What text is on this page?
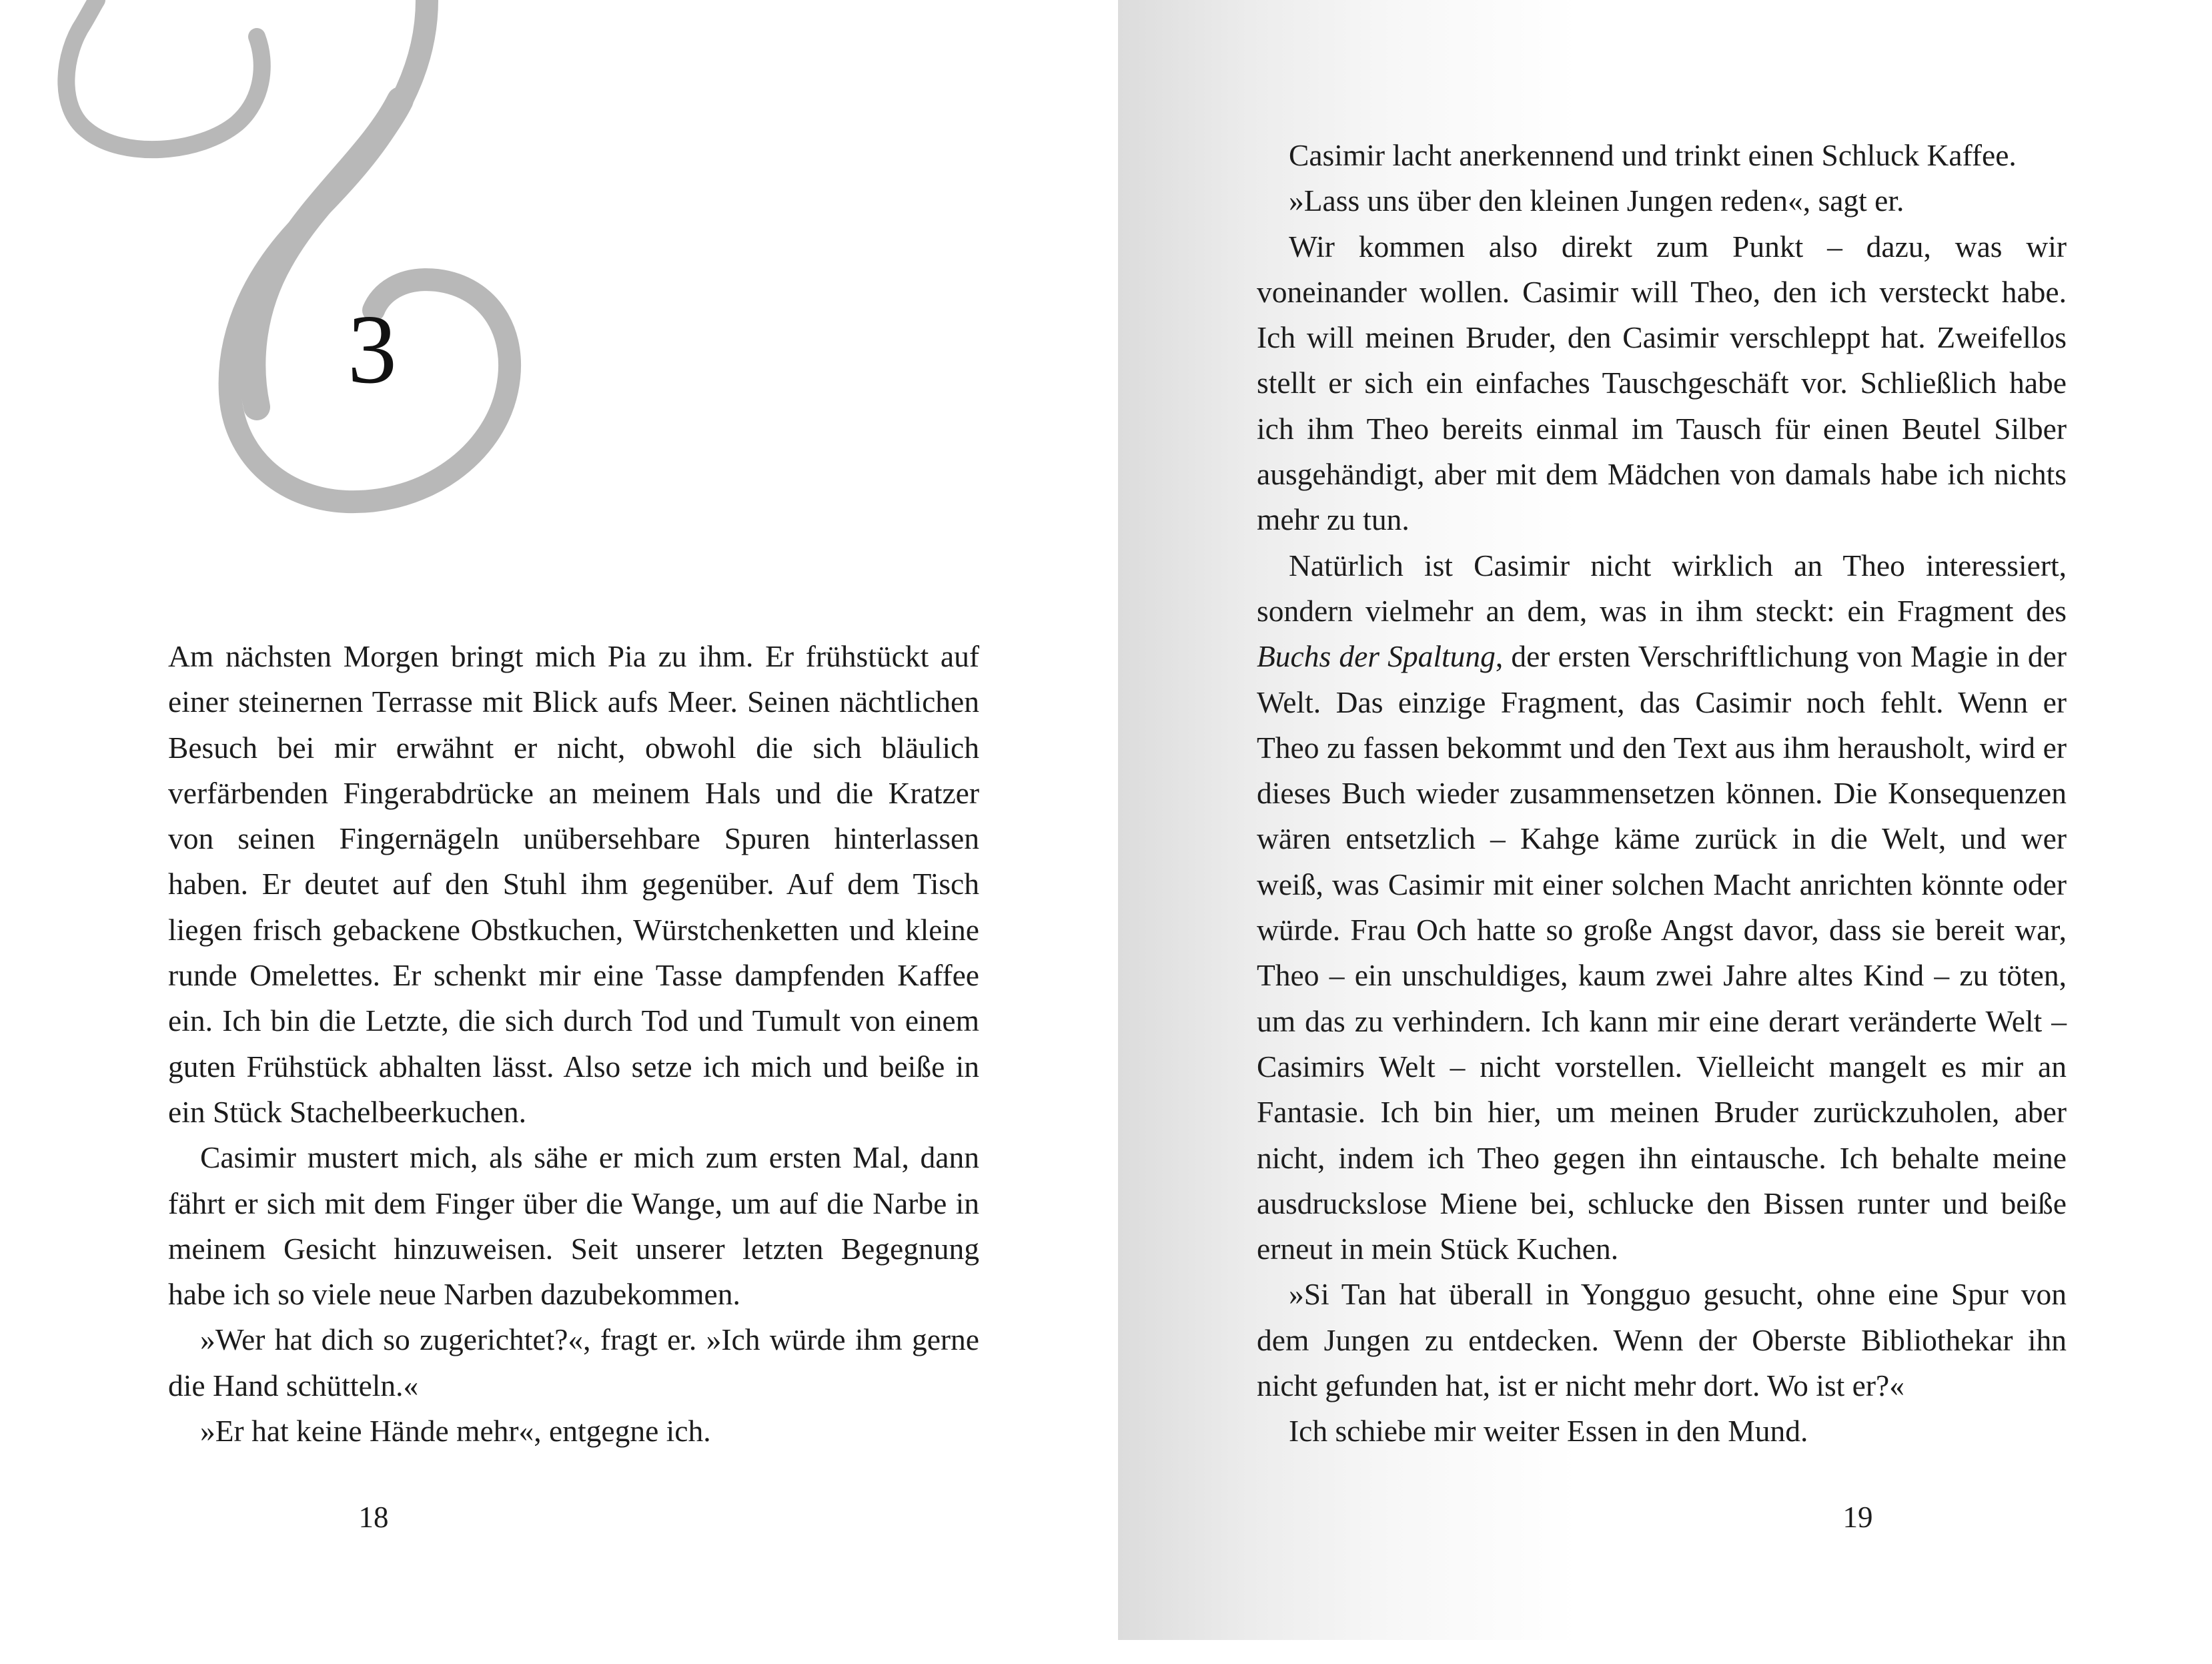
3

Am nächsten Morgen bringt mich Pia zu ihm. Er frühstückt auf einer steinernen Terrasse mit Blick aufs Meer. Seinen nächtlichen Besuch bei mir erwähnt er nicht, obwohl die sich bläulich verfärbenden Fingerabdrücke an meinem Hals und die Kratzer von seinen Fingernägeln unübersehbare Spuren hinterlassen haben. Er deutet auf den Stuhl ihm gegenüber. Auf dem Tisch liegen frisch gebackene Obstkuchen, Würstchenketten und kleine runde Omelettes. Er schenkt mir eine Tasse dampfenden Kaffee ein. Ich bin die Letzte, die sich durch Tod und Tumult von einem guten Frühstück abhalten lässt. Also setze ich mich und beiße in ein Stück Stachelbeerkuchen.

Casimir mustert mich, als sähe er mich zum ersten Mal, dann fährt er sich mit dem Finger über die Wange, um auf die Narbe in meinem Gesicht hinzuweisen. Seit unserer letzten Begegnung habe ich so viele neue Narben dazubekommen.

»Wer hat dich so zugerichtet?«, fragt er. »Ich würde ihm gerne die Hand schütteln.«

»Er hat keine Hände mehr«, entgegne ich.

18

Casimir lacht anerkennend und trinkt einen Schluck Kaffee.

»Lass uns über den kleinen Jungen reden«, sagt er.

Wir kommen also direkt zum Punkt – dazu, was wir voneinander wollen. Casimir will Theo, den ich versteckt habe. Ich will meinen Bruder, den Casimir verschleppt hat. Zweifellos stellt er sich ein einfaches Tauschgeschäft vor. Schließlich habe ich ihm Theo bereits einmal im Tausch für einen Beutel Silber ausgehändigt, aber mit dem Mädchen von damals habe ich nichts mehr zu tun.

Natürlich ist Casimir nicht wirklich an Theo interessiert, sondern vielmehr an dem, was in ihm steckt: ein Fragment des Buchs der Spaltung, der ersten Verschriftlichung von Magie in der Welt. Das einzige Fragment, das Casimir noch fehlt. Wenn er Theo zu fassen bekommt und den Text aus ihm herausholt, wird er dieses Buch wieder zusammensetzen können. Die Konsequenzen wären entsetzlich – Kahge käme zurück in die Welt, und wer weiß, was Casimir mit einer solchen Macht anrichten könnte oder würde. Frau Och hatte so große Angst davor, dass sie bereit war, Theo – ein unschuldiges, kaum zwei Jahre altes Kind – zu töten, um das zu verhindern. Ich kann mir eine derart veränderte Welt – Casimirs Welt – nicht vorstellen. Vielleicht mangelt es mir an Fantasie. Ich bin hier, um meinen Bruder zurückzuholen, aber nicht, indem ich Theo gegen ihn eintausche. Ich behalte meine ausdruckslose Miene bei, schlucke den Bissen runter und beiße erneut in mein Stück Kuchen.

»Si Tan hat überall in Yongguo gesucht, ohne eine Spur von dem Jungen zu entdecken. Wenn der Oberste Bibliothekar ihn nicht gefunden hat, ist er nicht mehr dort. Wo ist er?«

Ich schiebe mir weiter Essen in den Mund.

19
